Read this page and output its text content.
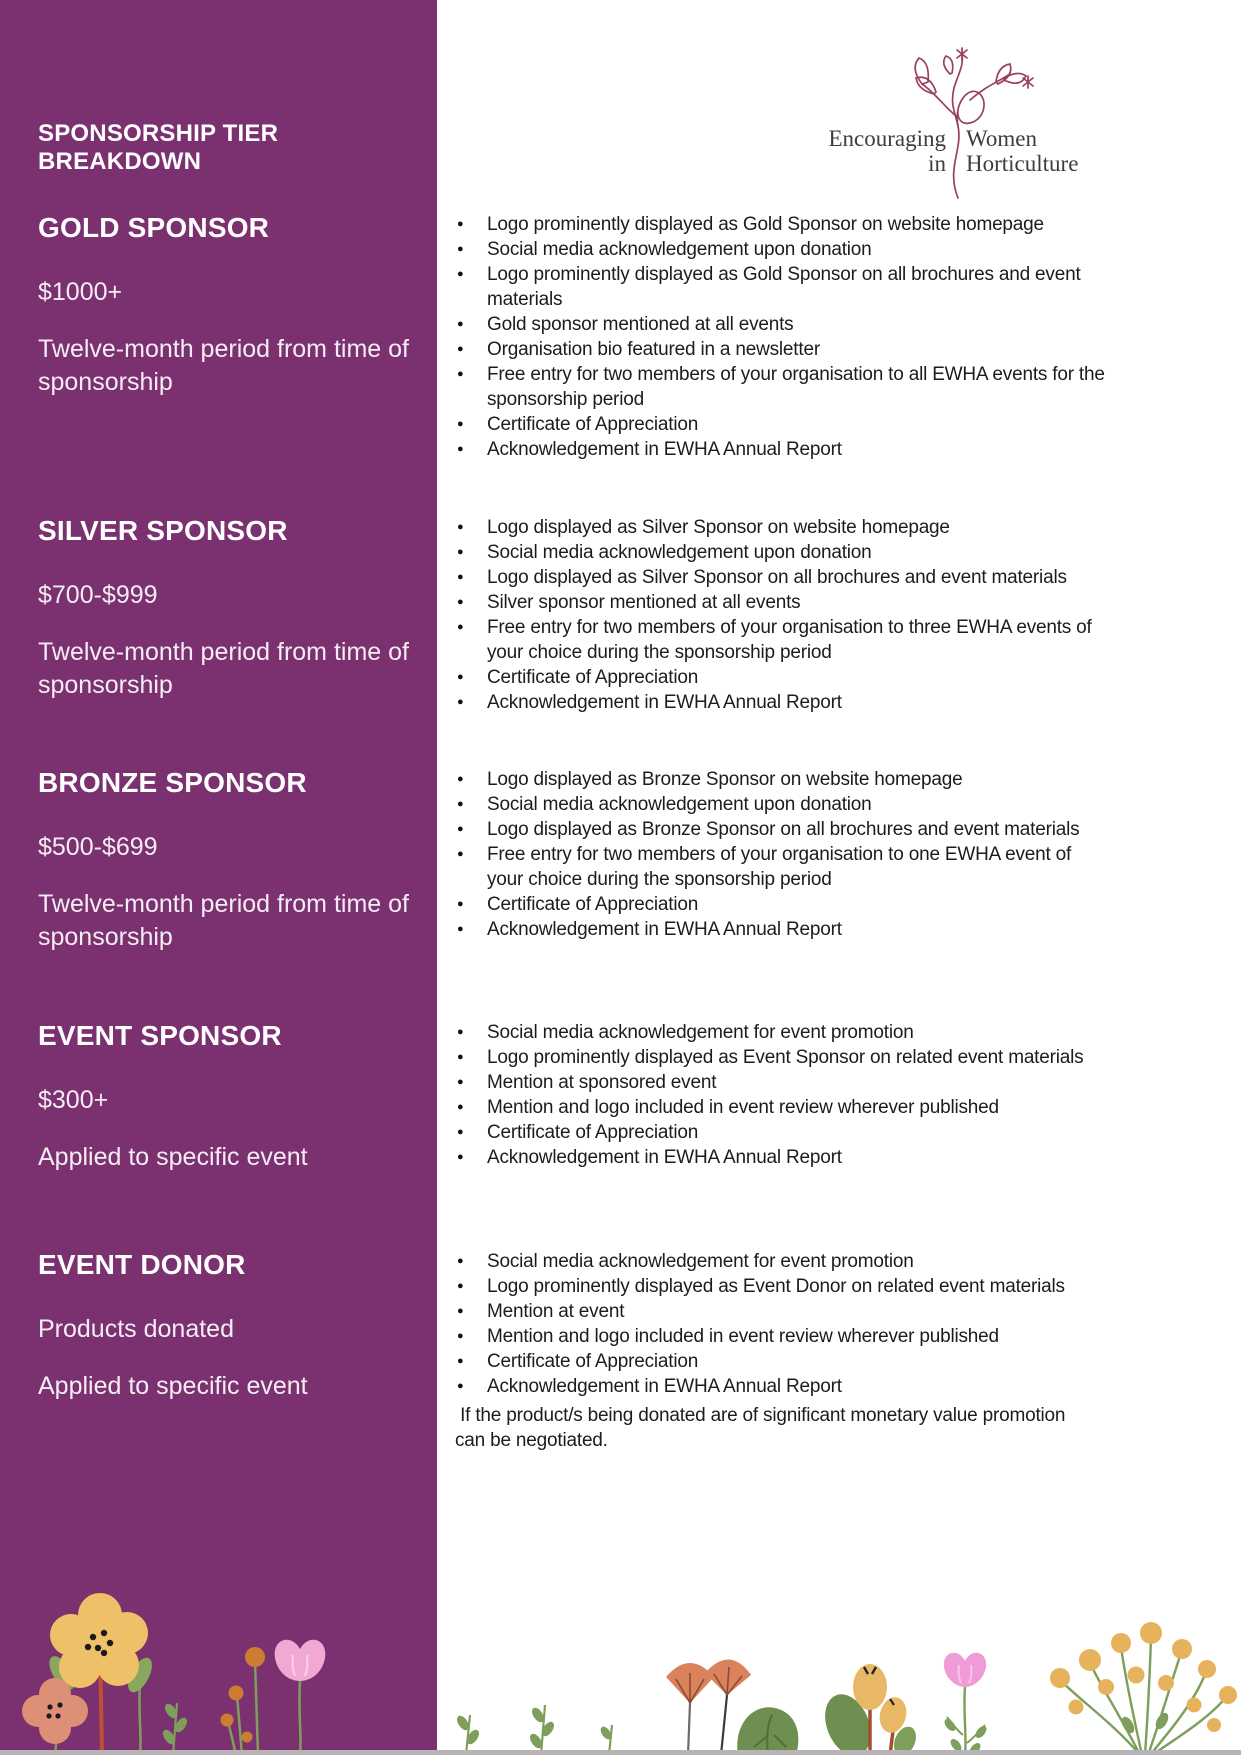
SPONSORSHIP TIER BREAKDOWN
Encouraging Women
in Horticulture
GOLD SPONSOR

$1000+

Twelve-month period from time of sponsorship

● Logo prominently displayed as Gold Sponsor on website homepage
● Social media acknowledgement upon donation
● Logo prominently displayed as Gold Sponsor on all brochures and event materials
● Gold sponsor mentioned at all events
● Organisation bio featured in a newsletter
● Free entry for two members of your organisation to all EWHA events for the sponsorship period
● Certificate of Appreciation
● Acknowledgement in EWHA Annual Report
SILVER SPONSOR

$700-$999

Twelve-month period from time of sponsorship

● Logo displayed as Silver Sponsor on website homepage
● Social media acknowledgement upon donation
● Logo displayed as Silver Sponsor on all brochures and event materials
● Silver sponsor mentioned at all events
● Free entry for two members of your organisation to three EWHA events of your choice during the sponsorship period
● Certificate of Appreciation
● Acknowledgement in EWHA Annual Report
BRONZE SPONSOR

$500-$699

Twelve-month period from time of sponsorship

● Logo displayed as Bronze Sponsor on website homepage
● Social media acknowledgement upon donation
● Logo displayed as Bronze Sponsor on all brochures and event materials
● Free entry for two members of your organisation to one EWHA event of your choice during the sponsorship period
● Certificate of Appreciation
● Acknowledgement in EWHA Annual Report
EVENT SPONSOR

$300+

Applied to specific event

● Social media acknowledgement for event promotion
● Logo prominently displayed as Event Sponsor on related event materials
● Mention at sponsored event
● Mention and logo included in event review wherever published
● Certificate of Appreciation
● Acknowledgement in EWHA Annual Report
EVENT DONOR

Products donated

Applied to specific event

● Social media acknowledgement for event promotion
● Logo prominently displayed as Event Donor on related event materials
● Mention at event
● Mention and logo included in event review wherever published
● Certificate of Appreciation
● Acknowledgement in EWHA Annual Report

If the product/s being donated are of significant monetary value promotion can be negotiated.
